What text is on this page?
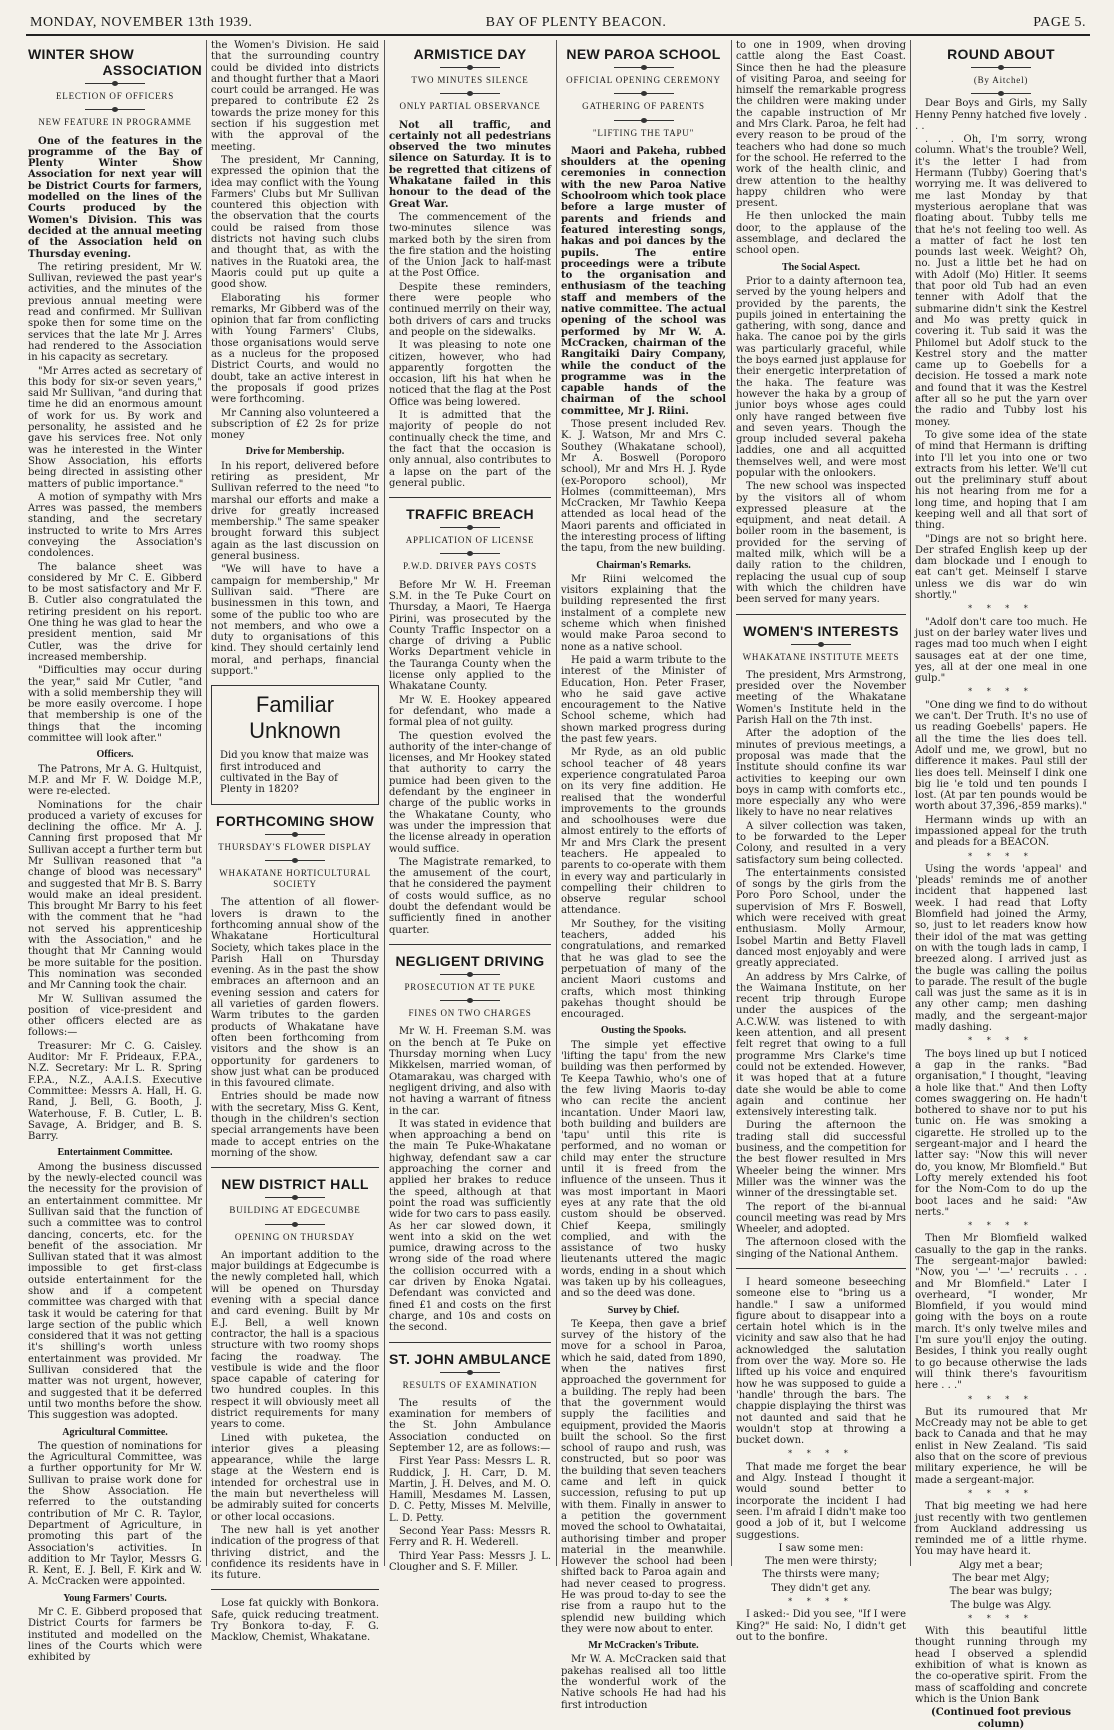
MONDAY, NOVEMBER 13th 1939.	BAY OF PLENTY BEACON.	PAGE 5.
WINTER SHOW
ASSOCIATION
ELECTION OF OFFICERS
NEW FEATURE IN PROGRAMME

One of the features in the programme of the Bay of Plenty Winter Show Association for next year will be District Courts for farmers, modelled on the lines of the Courts produced by the Women's Division. This was decided at the annual meeting of the Association held on Thursday evening.

The retiring president, Mr W. Sullivan, reviewed the past year's activities, and the minutes of the previous annual meeting were read and confirmed. Mr Sullivan spoke then for some time on the services that the late Mr J. Arres had rendered to the Association in his capacity as secretary.

"Mr Arres acted as secretary of this body for six-or seven years," said Mr Sullivan, "and during that time he did an enormous amount of work for us. By work and personality, he assisted and he gave his services free. Not only was he interested in the Winter Show Association, his efforts being directed in assisting other matters of public importance."

A motion of sympathy with Mrs Arres was passed, the members standing, and the secretary instructed to write to Mrs Arres conveying the Association's condolences.

The balance sheet was considered by Mr C. E. Gibberd to be most satisfactory and Mr F. B. Cutler also congratulated the retiring president on his report. One thing he was glad to hear the president mention, said Mr Cutler, was the drive for increased membership.

"Difficulties may occur during the year," said Mr Cutler, "and with a solid membership they will be more easily overcome. I hope that membership is one of the things that the incoming committee will look after."

Officers.

The Patrons, Mr A. G. Hultquist, M.P. and Mr F. W. Doidge M.P., were re-elected.

Nominations for the chair produced a variety of excuses for declining the office. Mr A. J. Canning first proposed that Mr Sullivan accept a further term but Mr Sullivan reasoned that "a change of blood was necessary" and suggested that Mr B. S. Barry would make an ideal president. This brought Mr Barry to his feet with the comment that he "had not served his apprenticeship with the Association," and he thought that Mr Canning would be more suitable for the position. This nomination was seconded and Mr Canning took the chair.

Mr W. Sullivan assumed the position of vice-president and other officers elected are as follows:—

Treasurer: Mr C. G. Caisley. Auditor: Mr F. Prideaux, F.P.A., N.Z. Secretary: Mr L. R. Spring F.P.A., N.Z., A.A.I.S. Executive Committee: Messrs A. Hall, H. G. Rand, J. Bell, G. Booth, J. Waterhouse, F. B. Cutler, L. B. Savage, A. Bridger, and B. S. Barry.

Entertainment Committee.

Among the business discussed by the newly-elected council was the necessity for the provision of an entertainment committee. Mr Sullivan said that the function of such a committee was to control dancing, concerts, etc. for the benefit of the association. Mr Sullivan stated that it was almost impossible to get first-class outside entertainment for the show and if a competent committee was charged with that task it would be catering for that large section of the public which considered that it was not getting it's shilling's worth unless entertainment was provided. Mr Sullivan considered that the matter was not urgent, however, and suggested that it be deferred until two months before the show. This suggestion was adopted.

Agricultural Committee.

The question of nominations for the Agricultural Committee, was a further opportunity for Mr W. Sullivan to praise work done for the Show Association. He referred to the outstanding contribution of Mr C. R. Taylor, Department of Agriculture, in promoting this part of the Association's activities. In addition to Mr Taylor, Messrs G. R. Kent, E. J. Bell, F. Kirk and W. A. McCracken were appointed.

Young Farmers' Courts.

Mr C. E. Gibberd proposed that District Courts for farmers be instituted and modelled on the lines of the Courts which were exhibited by

the Women's Division. He said that the surrounding country could be divided into districts and thought further that a Maori court could be arranged. He was prepared to contribute £2 2s towards the prize money for this section if his suggestion met with the approval of the meeting.

The president, Mr Canning, expressed the opinion that the idea may conflict with the Young Farmers' Clubs but Mr Sullivan countered this objection with the observation that the courts could be raised from those districts not having such clubs and thought that, as with the natives in the Ruatoki area, the Maoris could put up quite a good show.

Elaborating his former remarks, Mr Gibberd was of the opinion that far from conflicting with Young Farmers' Clubs, those organisations would serve as a nucleus for the proposed District Courts, and would no doubt, take an active interest in the proposals if good prizes were forthcoming.

Mr Canning also volunteered a subscription of £2 2s for prize money

Drive for Membership.

In his report, delivered before retiring as president, Mr Sullivan referred to the need "to marshal our efforts and make a drive for greatly increased membership." The same speaker brought forward this subject again as the last discussion on general business.

"We will have to have a campaign for membership," Mr Sullivan said. "There are businessmen in this town, and some of the public too who are not members, and who owe a duty to organisations of this kind. They should certainly lend moral, and perhaps, financial support."

Familiar Unknown

Did you know that maize was first introduced and cultivated in the Bay of Plenty in 1820?

FORTHCOMING SHOW
THURSDAY'S FLOWER DISPLAY
WHAKATANE HORTICULTURAL SOCIETY

The attention of all flower-lovers is drawn to the forthcoming annual show of the Whakatane Horticultural Society, which takes place in the Parish Hall on Thursday evening. As in the past the show embraces an afternoon and an evening session and caters for all varieties of garden flowers. Warm tributes to the garden products of Whakatane have often been forthcoming from visitors and the show is an opportunity for gardeners to show just what can be produced in this favoured climate.

Entries should be made now with the secretary, Miss G. Kent, though in the children's section special arrangements have been made to accept entries on the morning of the show.

NEW DISTRICT HALL
BUILDING AT EDGECUMBE
OPENING ON THURSDAY

An important addition to the major buildings at Edgecumbe is the newly completed hall, which will be opened on Thursday evening with a special dance and card evening. Built by Mr E.J. Bell, a well known contractor, the hall is a spacious structure with two roomy shops facing the roadway. The vestibule is wide and the floor space capable of catering for two hundred couples. In this respect it will obviously meet all district requirements for many years to come.

Lined with puketea, the interior gives a pleasing appearance, while the large stage at the Western end is intended for orchestral use in the main but nevertheless will be admirably suited for concerts or other local occasions.

The new hall is yet another indication of the progress of that thriving district, and the confidence its residents have in its future.

Lose fat quickly with Bonkora. Safe, quick reducing treatment. Try Bonkora to-day, F. G. Macklow, Chemist, Whakatane.

ARMISTICE DAY
TWO MINUTES SILENCE
ONLY PARTIAL OBSERVANCE

Not all traffic, and certainly not all pedestrians observed the two minutes silence on Saturday. It is to be regretted that citizens of Whakatane failed in this honour to the dead of the Great War.

The commencement of the two-minutes silence was marked both by the siren from the fire station and the hoisting of the Union Jack to half-mast at the Post Office.

Despite these reminders, there were people who continued merrily on their way, both drivers of cars and trucks and people on the sidewalks.

It was pleasing to note one citizen, however, who had apparently forgotten the occasion, lift his hat when he noticed that the flag at the Post Office was being lowered.

It is admitted that the majority of people do not continually check the time, and the fact that the occasion is only annual, also contributes to a lapse on the part of the general public.

TRAFFIC BREACH
APPLICATION OF LICENSE
P.W.D. DRIVER PAYS COSTS

Before Mr W. H. Freeman S.M. in the Te Puke Court on Thursday, a Maori, Te Haerga Pirini, was prosecuted by the County Traffic Inspector on a charge of driving a Public Works Department vehicle in the Tauranga County when the license only applied to the Whakatane County.

Mr W. E. Hookey appeared for defendant, who made a formal plea of not guilty.

The question evolved the authority of the inter-change of licenses, and Mr Hookey stated that authority to carry the pumice had been given to the defendant by the engineer in charge of the public works in the Whakatane County, who was under the impression that the license already in operation would suffice.

The Magistrate remarked, to the amusement of the court, that he considered the payment of costs would suffice, as no doubt the defendant would be sufficiently fined in another quarter.

NEGLIGENT DRIVING
PROSECUTION AT TE PUKE
FINES ON TWO CHARGES

Mr W. H. Freeman S.M. was on the bench at Te Puke on Thursday morning when Lucy Mikkelsen, married woman, of Otamarakau, was charged with negligent driving, and also with not having a warrant of fitness in the car.

It was stated in evidence that when approaching a bend on the main Te Puke-Whakatane highway, defendant saw a car approaching the corner and applied her brakes to reduce the speed, although at that point the road was sufficiently wide for two cars to pass easily. As her car slowed down, it went into a skid on the wet pumice, drawing across to the wrong side of the road where the collision occurred with a car driven by Enoka Ngatai. Defendant was convicted and fined £1 and costs on the first charge, and 10s and costs on the second.

ST. JOHN AMBULANCE
RESULTS OF EXAMINATION

The results of the examination for members of the St. John Ambulance Association conducted on September 12, are as follows:—

First Year Pass: Messrs L. R. Ruddick, J. H. Carr, D. M. Martin, J. H. Delves, and M. O. Hamill, Mesdames M. Lassen, D. C. Petty, Misses M. Melville, L. D. Petty.

Second Year Pass: Messrs R. Ferry and R. H. Wederell.

Third Year Pass: Messrs J. L. Clougher and S. F. Miller.

NEW PAROA SCHOOL
OFFICIAL OPENING CEREMONY
GATHERING OF PARENTS
"LIFTING THE TAPU"

Maori and Pakeha, rubbed shoulders at the opening ceremonies in connection with the new Paroa Native Schoolroom which took place before a large muster of parents and friends and featured interesting songs, hakas and poi dances by the pupils. The entire proceedings were a tribute to the organisation and enthusiasm of the teaching staff and members of the native committee. The actual opening of the school was performed by Mr W. A. McCracken, chairman of the Rangitaiki Dairy Company, while the conduct of the programme was in the capable hands of the chairman of the school committee, Mr J. Riini.

Those present included Rev. K. J. Watson, Mr and Mrs C. Southey (Whakatane school), Mr A. Boswell (Poroporo school), Mr and Mrs H. J. Ryde (ex-Poroporo school), Mr Holmes (committeeman), Mrs McCracken, Mr Tawhio Keepa attended as local head of the Maori parents and officiated in the interesting process of lifting the tapu, from the new building.

Chairman's Remarks.

Mr Riini welcomed the visitors explaining that the building represented the first instalment of a complete new scheme which when finished would make Paroa second to none as a native school.

He paid a warm tribute to the interest of the Minister of Education, Hon. Peter Fraser, who he said gave active encouragement to the Native School scheme, which had shown marked progress during the past few years.

Mr Ryde, as an old public school teacher of 48 years experience congratulated Paroa on its very fine addition. He realised that the wonderful improvements to the grounds and schoolhouses were due almost entirely to the efforts of Mr and Mrs Clark the present teachers. He appealed to parents to co-operate with them in every way and particularly in compelling their children to observe regular school attendance.

Mr Southey, for the visiting teachers, added his congratulations, and remarked that he was glad to see the perpetuation of many of the ancient Maori customs and crafts, which most thinking pakehas thought should be encouraged.

Ousting the Spooks.

The simple yet effective 'lifting the tapu' from the new building was then performed by Te Keepa Tawhio, who's one of the few living Maoris to-day who can recite the ancient incantation. Under Maori law, both building and builders are 'tapu' until this rite is performed, and no woman or child may enter the structure until it is freed from the influence of the unseen. Thus it was most important in Maori eyes at any rate that the old custom should be observed. Chief Keepa, smilingly complied, and with the assistance of two husky lieutenants uttered the magic words, ending in a shout which was taken up by his colleagues, and so the deed was done.

Survey by Chief.

Te Keepa, then gave a brief survey of the history of the move for a school in Paroa, which he said, dated from 1890, when the natives first approached the government for a building. The reply had been that the government would supply the facilities and equipment, provided the Maoris built the school. So the first school of raupo and rush, was constructed, but so poor was the building that seven teachers came and left in quick succession, refusing to put up with them. Finally in answer to a petition the government moved the school to Owhataitai, authorising timber and proper material in the meanwhile. However the school had been shifted back to Paroa again and had never ceased to progress. He was proud to-day to see the rise from a raupo hut to the splendid new building which they were now about to enter.

Mr McCracken's Tribute.

Mr W. A. McCracken said that pakehas realised all too little the wonderful work of the Native schools He had had his first introduction

to one in 1909, when droving cattle along the East Coast. Since then he had the pleasure of visiting Paroa, and seeing for himself the remarkable progress the children were making under the capable instruction of Mr and Mrs Clark. Paroa, he felt had every reason to be proud of the teachers who had done so much for the school. He referred to the work of the health clinic, and drew attention to the healthy happy children who were present.

He then unlocked the main door, to the applause of the assemblage, and declared the school open.

The Social Aspect.

Prior to a dainty afternoon tea, served by the young helpers and provided by the parents, the pupils joined in entertaining the gathering, with song, dance and haka. The canoe poi by the girls was particularly graceful, while the boys earned just applause for their energetic interpretation of the haka. The feature was however the haka by a group of junior boys whose ages could only have ranged between five and seven years. Though the group included several pakeha laddies, one and all acquitted themselves well, and were most popular with the onlookers.

The new school was inspected by the visitors all of whom expressed pleasure at the equipment, and neat detail. A boiler room in the basement, is provided for the serving of malted milk, which will be a daily ration to the children, replacing the usual cup of soup with which the children have been served for many years.

WOMEN'S INTERESTS
WHAKATANE INSTITUTE MEETS

The president, Mrs Armstrong, presided over the November meeting of the Whakatane Women's Institute held in the Parish Hall on the 7th inst.

After the adoption of the minutes of previous meetings, a proposal was made that the Institute should confine its war activities to keeping our own boys in camp with comforts etc., more especially any who were likely to have no near relatives

A silver collection was taken, to be forwarded to the Leper Colony, and resulted in a very satisfactory sum being collected.

The entertainments consisted of songs by the girls from the Poro Poro School, under the supervision of Mrs F. Boswell, which were received with great enthusiasm. Molly Armour, Isobel Martin and Betty Flavell danced most enjoyably and were greatly appreciated.

An address by Mrs Calrke, of the Waimana Institute, on her recent trip through Europe under the auspices of the A.C.W.W. was listened to with keen attention, and all present felt regret that owing to a full programme Mrs Clarke's time could not be extended. However, it was hoped that at a future date she would be able to come again and continue her extensively interesting talk.

During the afternoon the trading stall did successful business, and the competition for the best flower resulted in Mrs Wheeler being the winner. Mrs Miller was the winner was the winner of the dressingtable set.

The report of the bi-annual council meeting was read by Mrs Wheeler, and adopted.

The afternoon closed with the singing of the National Anthem.

I heard someone beseeching someone else to "bring us a handle." I saw a uniformed figure about to disappear into a certain hotel which is in the vicinity and saw also that he had acknowledged the salutation from over the way. More so. He lifted up his voice and enquired how he was supposed to guide a 'handle' through the bars. The chappie displaying the thirst was not daunted and said that he wouldn't stop at throwing a bucket down.

* * * *

That made me forget the bear and Algy. Instead I thought it would sound better to incorporate the incident I had seen. I'm afraid I didn't make too good a job of it, but I welcome suggestions.

I saw some men:

The men were thirsty;

The thirsts were many;

They didn't get any.

* * * *

I asked:- Did you see, "If I were King?" He said: No, I didn't get out to the bonfire.

ROUND ABOUT
(By Aitchel)

Dear Boys and Girls, my Sally Henny Penny hatched five lovely . . .

. . . Oh, I'm sorry, wrong column. What's the trouble? Well, it's the letter I had from Hermann (Tubby) Goering that's worrying me. It was delivered to me last Monday by that mysterious aeroplane that was floating about. Tubby tells me that he's not feeling too well. As a matter of fact he lost ten pounds last week. Weight? Oh, no. Just a little bet he had on with Adolf (Mo) Hitler. It seems that poor old Tub had an even tenner with Adolf that the submarine didn't sink the Kestrel and Mo was pretty quick in covering it. Tub said it was the Philomel but Adolf stuck to the Kestrel story and the matter came up to Goebells for a decision. He tossed a mark note and found that it was the Kestrel after all so he put the yarn over the radio and Tubby lost his money.

To give some idea of the state of mind that Hermann is drifting into I'll let you into one or two extracts from his letter. We'll cut out the preliminary stuff about his not hearing from me for a long time, and hoping that I am keeping well and all that sort of thing.

"Dings are not so bright here. Der strafed English keep up der dam blockade und I enough to eat can't get. Meinself I starve unless we dis war do win shortly."

* * * *

"Adolf don't care too much. He just on der barley water lives und rages mad too much when I eight sausages eat at der one time, yes, all at der one meal in one gulp."

* * * *

"One ding we find to do without we can't. Der Truth. It's no use of us reading Goebells' papers. He all the time the lies does tell. Adolf und me, we growl, but no difference it makes. Paul still der lies does tell. Meinself I dink one big lie 'e told und ten pounds I lost. (At par ten pounds would be worth about 37,396,-859 marks)."

Hermann winds up with an impassioned appeal for the truth and pleads for a BEACON.

* * * *

Using the words 'appeal' and 'pleads' reminds me of another incident that happened last week. I had read that Lofty Blomfield had joined the Army, so, just to let readers know how their idol of the mat was getting on with the tough lads in camp, I breezed along. I arrived just as the bugle was calling the poilus to parade. The result of the bugle call was just the same as it is in any other camp; men dashing madly, and the sergeant-major madly dashing.

* * * *

The boys lined up but I noticed a gap in the ranks. "Bad organisation," I thought, "leaving a hole like that." And then Lofty comes swaggering on. He hadn't bothered to shave nor to put his tunic on. He was smoking a cigarette. He strolled up to the sergeant-major and I heard the latter say: "Now this will never do, you know, Mr Blomfield." But Lofty merely extended his foot for the Nom-Com to do up the boot laces and he said: "Aw nerts."

* * * *

Then Mr Blomfield walked casually to the gap in the ranks. The sergeant-major bawled: "Now, you '—' '—' recruits . . . and Mr Blomfield." Later I overheard, "I wonder, Mr Blomfield, if you would mind going with the boys on a route march. It's only twelve miles and I'm sure you'll enjoy the outing. Besides, I think you really ought to go because otherwise the lads will think there's favouritism here . . ."

* * * *

But its rumoured that Mr McCready may not be able to get back to Canada and that he may enlist in New Zealand. 'Tis said also that on the score of previous military experience, he will be made a sergeant-major.

* * * *

That big meeting we had here just recently with two gentlemen from Auckland addressing us reminded me of a little rhyme. You may have heard it.

Algy met a bear;

The bear met Algy;

The bear was bulgy;

The bulge was Algy.

* * * *

With this beautiful little thought running through my head I observed a splendid exhibition of what is known as the co-operative spirit. From the mass of scaffolding and concrete which is the Union Bank

(Continued foot previous column)
